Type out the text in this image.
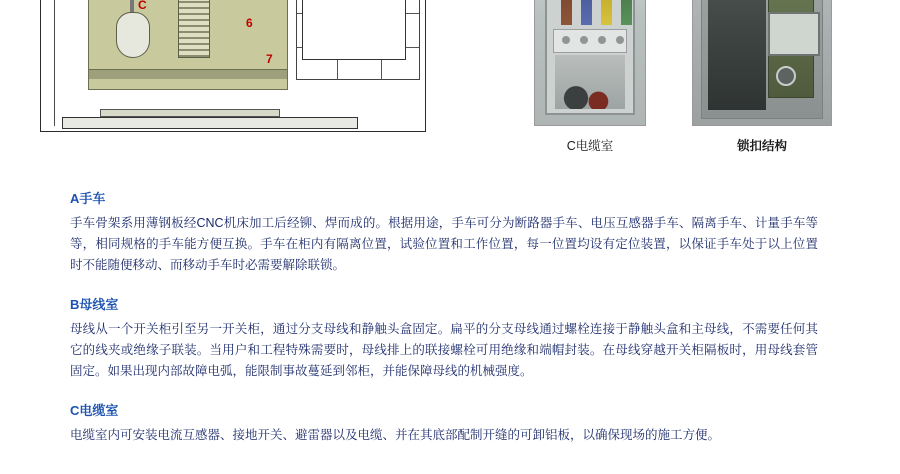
C
6
7
C电缆室	锁扣结构
A手车
手车骨架系用薄钢板经CNC机床加工后经铆、焊而成的。根据用途，手车可分为断路器手车、电压互感器手车、隔离手车、计量手车等等，相同规格的手车能方便互换。手车在柜内有隔离位置，试验位置和工作位置，每一位置均设有定位装置，以保证手车处于以上位置时不能随便移动、而移动手车时必需要解除联锁。
B母线室
母线从一个开关柜引至另一开关柜，通过分支母线和静触头盒固定。扁平的分支母线通过螺栓连接于静触头盒和主母线，不需要任何其它的线夹或绝缘子联装。当用户和工程特殊需要时，母线排上的联接螺栓可用绝缘和端帽封装。在母线穿越开关柜隔板时，用母线套管固定。如果出现内部故障电弧，能限制事故蔓延到邻柜，并能保障母线的机械强度。
C电缆室
电缆室内可安装电流互感器、接地开关、避雷器以及电缆、并在其底部配制开缝的可卸铝板，以确保现场的施工方便。
